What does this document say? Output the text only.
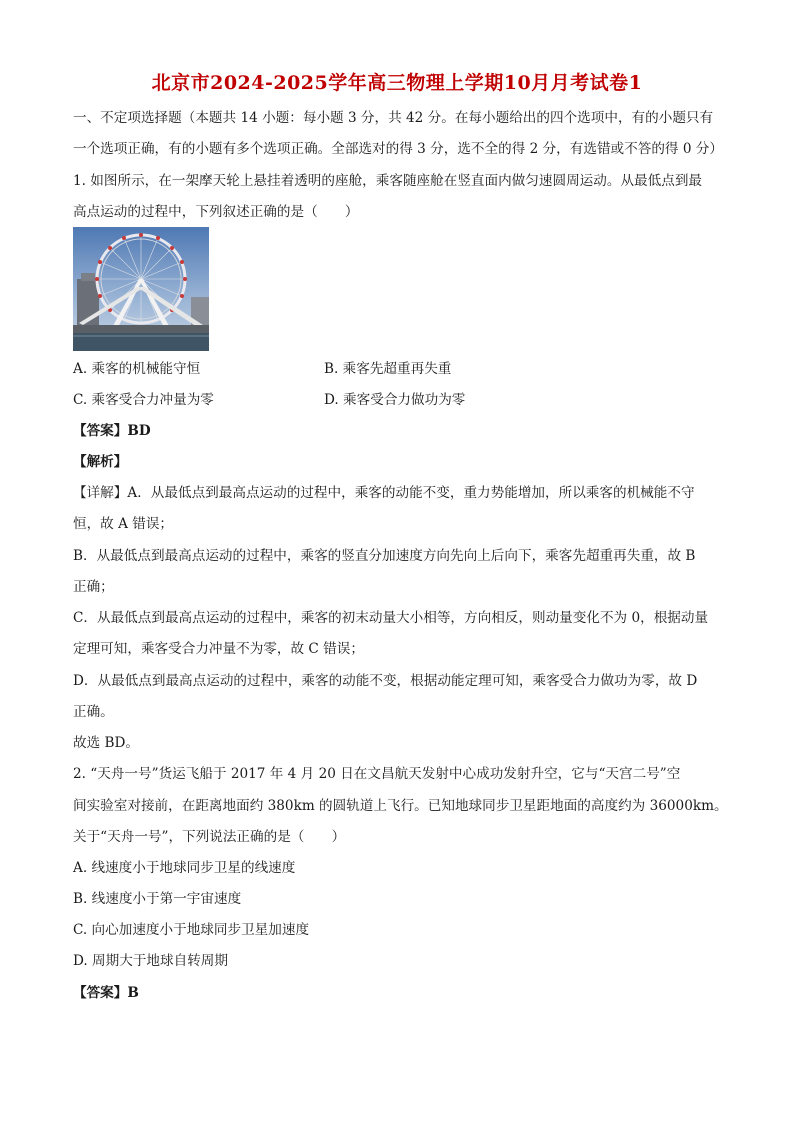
北京市2024-2025学年高三物理上学期10月月考试卷1
一、不定项选择题（本题共 14 小题：每小题 3 分，共 42 分。在每小题给出的四个选项中，有的小题只有
一个选项正确，有的小题有多个选项正确。全部选对的得 3 分，选不全的得 2 分，有选错或不答的得 0 分）
1. 如图所示，在一架摩天轮上悬挂着透明的座舱，乘客随座舱在竖直面内做匀速圆周运动。从最低点到最
高点运动的过程中，下列叙述正确的是（　　）
A. 乘客的机械能守恒	B. 乘客先超重再失重
C. 乘客受合力冲量为零	D. 乘客受合力做功为零
【答案】BD
【解析】
【详解】A．从最低点到最高点运动的过程中，乘客的动能不变，重力势能增加，所以乘客的机械能不守
恒，故 A 错误；
B．从最低点到最高点运动的过程中，乘客的竖直分加速度方向先向上后向下，乘客先超重再失重，故 B
正确；
C．从最低点到最高点运动的过程中，乘客的初末动量大小相等，方向相反，则动量变化不为 0，根据动量
定理可知，乘客受合力冲量不为零，故 C 错误；
D．从最低点到最高点运动的过程中，乘客的动能不变，根据动能定理可知，乘客受合力做功为零，故 D
正确。
故选 BD。
2. “天舟一号”货运飞船于 2017 年 4 月 20 日在文昌航天发射中心成功发射升空，它与“天宫二号”空
间实验室对接前，在距离地面约 380km 的圆轨道上飞行。已知地球同步卫星距地面的高度约为 36000km。
关于“天舟一号”，下列说法正确的是（　　）
A. 线速度小于地球同步卫星的线速度
B. 线速度小于第一宇宙速度
C. 向心加速度小于地球同步卫星加速度
D. 周期大于地球自转周期
【答案】B
